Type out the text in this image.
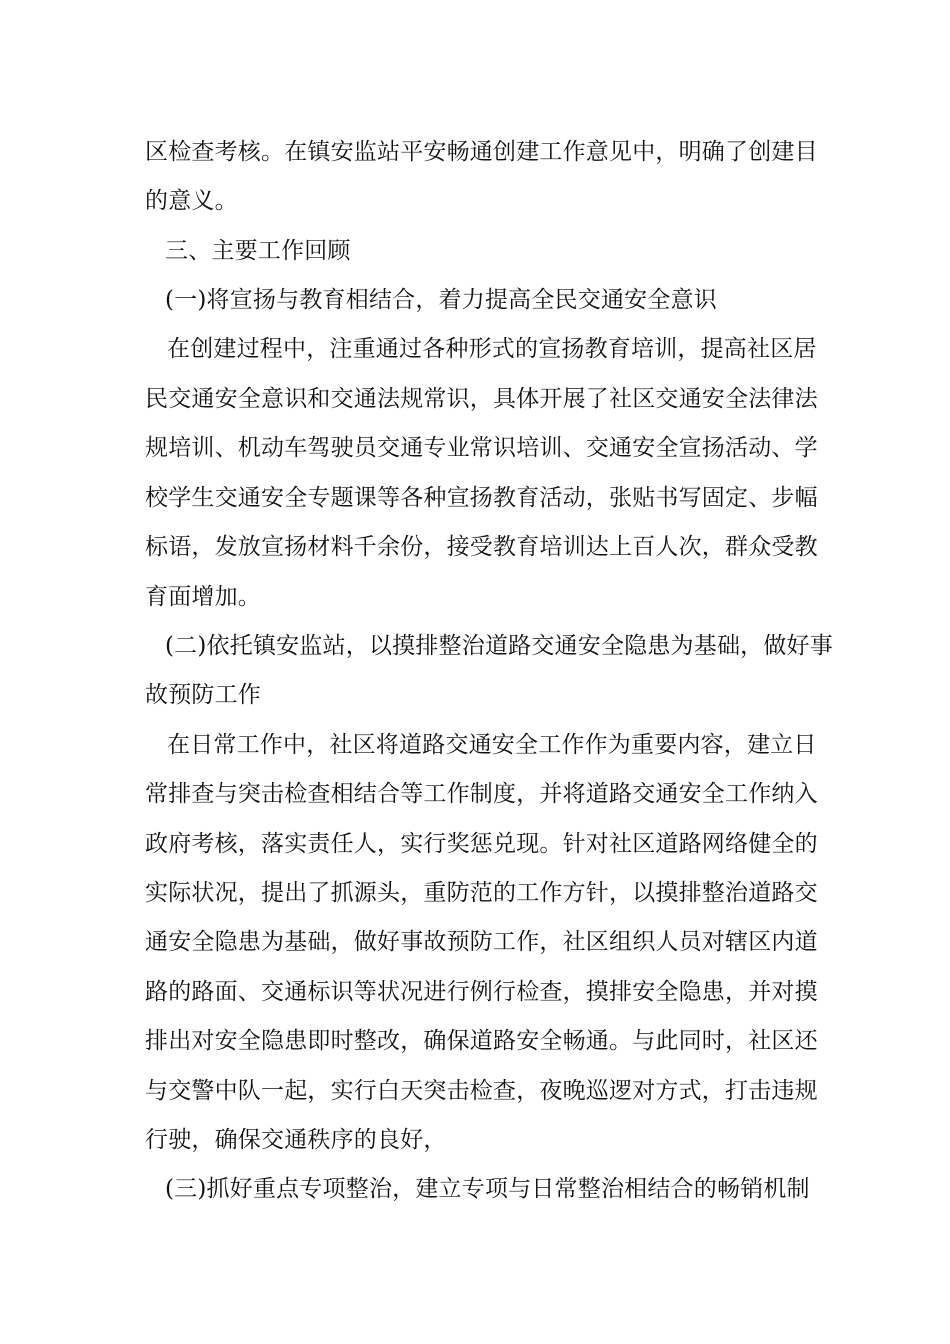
区检查考核。在镇安监站平安畅通创建工作意见中，明确了创建目
的意义。
三、主要工作回顾
(一)将宣扬与教育相结合，着力提高全民交通安全意识
在创建过程中，注重通过各种形式的宣扬教育培训，提高社区居
民交通安全意识和交通法规常识，具体开展了社区交通安全法律法
规培训、机动车驾驶员交通专业常识培训、交通安全宣扬活动、学
校学生交通安全专题课等各种宣扬教育活动，张贴书写固定、步幅
标语，发放宣扬材料千余份，接受教育培训达上百人次，群众受教
育面增加。
(二)依托镇安监站，以摸排整治道路交通安全隐患为基础，做好事
故预防工作
在日常工作中，社区将道路交通安全工作作为重要内容，建立日
常排查与突击检查相结合等工作制度，并将道路交通安全工作纳入
政府考核，落实责任人，实行奖惩兑现。针对社区道路网络健全的
实际状况，提出了抓源头，重防范的工作方针，以摸排整治道路交
通安全隐患为基础，做好事故预防工作，社区组织人员对辖区内道
路的路面、交通标识等状况进行例行检查，摸排安全隐患，并对摸
排出对安全隐患即时整改，确保道路安全畅通。与此同时，社区还
与交警中队一起，实行白天突击检查，夜晚巡逻对方式，打击违规
行驶，确保交通秩序的良好，
(三)抓好重点专项整治，建立专项与日常整治相结合的畅销机制
